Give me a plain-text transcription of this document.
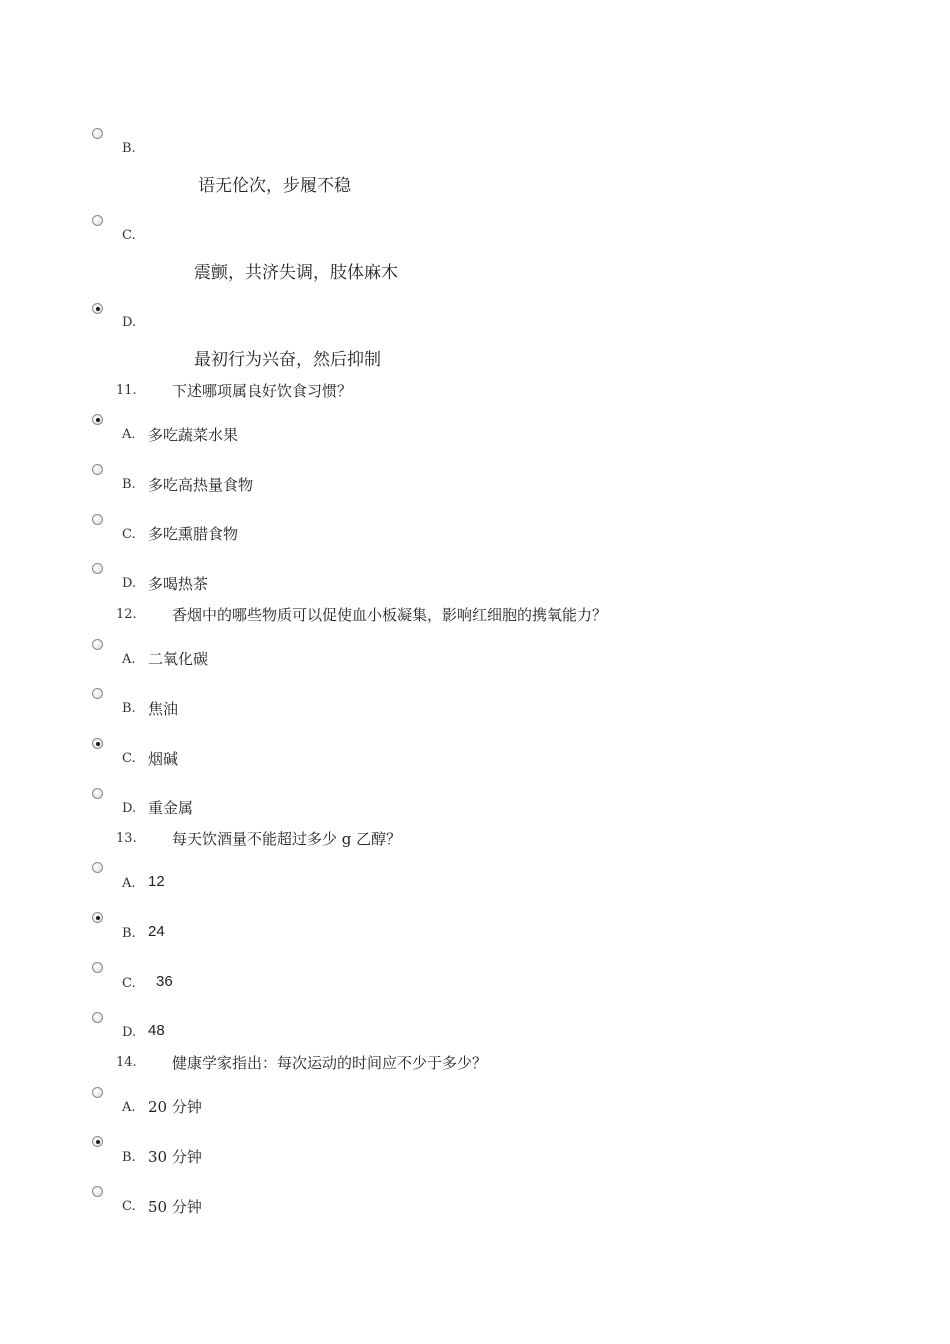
B.
语无伦次，步履不稳
C.
震颤，共济失调，肢体麻木
D.
最初行为兴奋，然后抑制
11. 下述哪项属良好饮食习惯？
A. 多吃蔬菜水果
B. 多吃高热量食物
C. 多吃熏腊食物
D. 多喝热茶
12. 香烟中的哪些物质可以促使血小板凝集，影响红细胞的携氧能力？
A. 二氧化碳
B. 焦油
C. 烟碱
D. 重金属
13. 每天饮酒量不能超过多少 g 乙醇？
A. 12
B. 24
C. 36
D. 48
14. 健康学家指出：每次运动的时间应不少于多少？
A. 20 分钟
B. 30 分钟
C. 50 分钟
